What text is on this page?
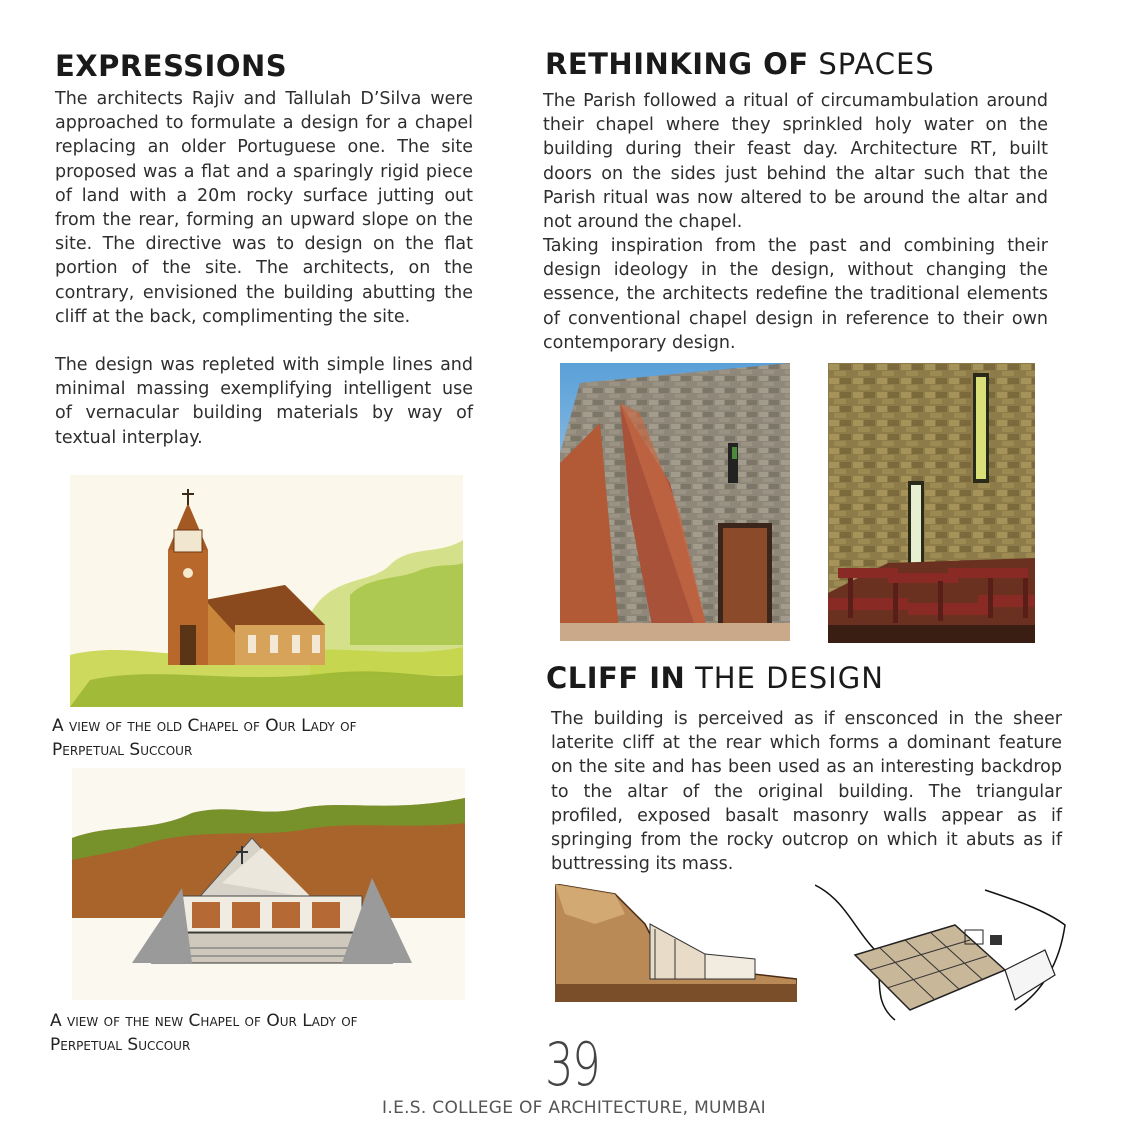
EXPRESSIONS

The architects Rajiv and Tallulah D’Silva were approached to formulate a design for a chapel replacing an older Portuguese one. The site proposed was a flat and a sparingly rigid piece of land with a 20m rocky surface jutting out from the rear, forming an upward slope on the site. The directive was to design on the flat portion of the site. The architects, on the contrary, envisioned the building abutting the cliff at the back, complimenting the site.

The design was repleted with simple lines and minimal massing exemplifying intelligent use of vernacular building materials by way of textual interplay.

A view of the old Chapel of Our Lady of
Perpetual Succour

A view of the new Chapel of Our Lady of
Perpetual Succour

RETHINKING OF SPACES

The Parish followed a ritual of circumambulation around their chapel where they sprinkled holy water on the building during their feast day. Architecture RT, built doors on the sides just behind the altar such that the Parish ritual was now altered to be around the altar and not around the chapel.

Taking inspiration from the past and combining their design ideology in the design, without changing the essence, the architects redefine the traditional elements of conventional chapel design in reference to their own contemporary design.

CLIFF IN THE DESIGN

The building is perceived as if ensconced in the sheer laterite cliff at the rear which forms a dominant feature on the site and has been used as an interesting backdrop to the altar of the original building. The triangular profiled, exposed basalt masonry walls appear as if springing from the rocky outcrop on which it abuts as if buttressing its mass.

39
I.E.S. COLLEGE OF ARCHITECTURE, MUMBAI
